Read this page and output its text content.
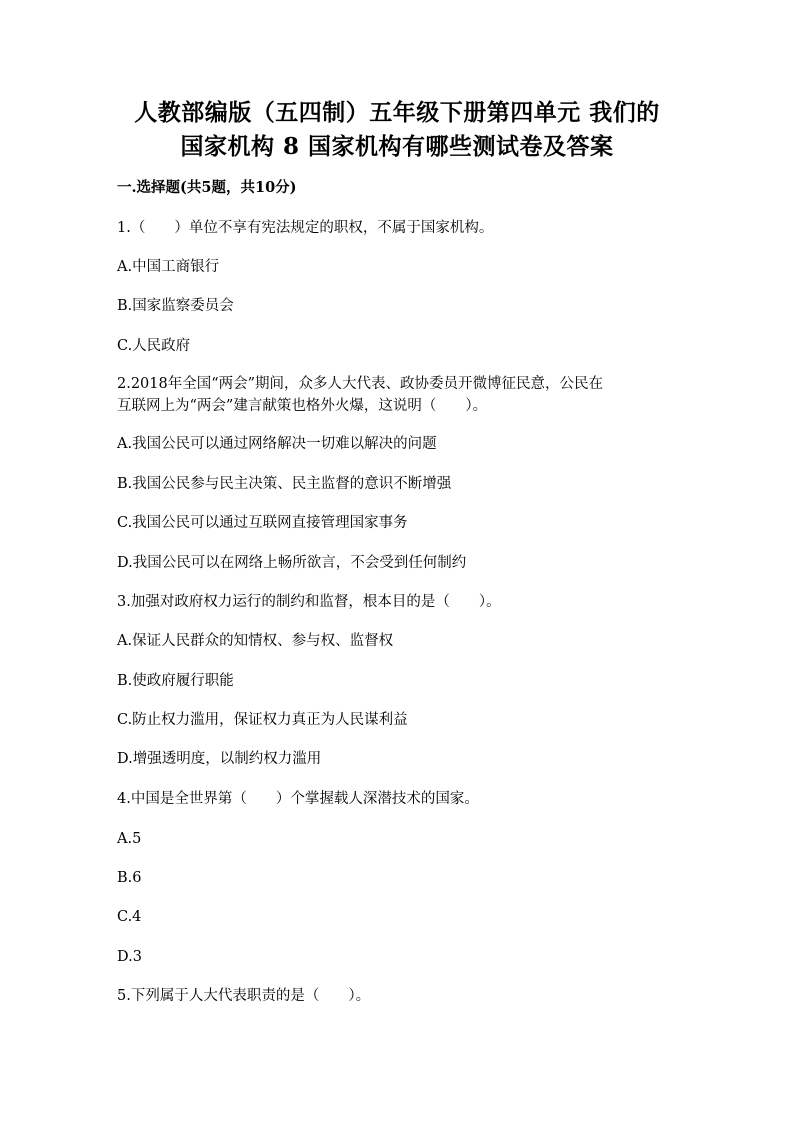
人教部编版（五四制）五年级下册第四单元 我们的
国家机构 8 国家机构有哪些测试卷及答案
一.选择题(共5题，共10分)
1.（　　）单位不享有宪法规定的职权，不属于国家机构。
A.中国工商银行
B.国家监察委员会
C.人民政府
2.2018年全国“两会”期间，众多人大代表、政协委员开微博征民意，公民在
互联网上为“两会”建言献策也格外火爆，这说明（　　）。
A.我国公民可以通过网络解决一切难以解决的问题
B.我国公民参与民主决策、民主监督的意识不断增强
C.我国公民可以通过互联网直接管理国家事务
D.我国公民可以在网络上畅所欲言，不会受到任何制约
3.加强对政府权力运行的制约和监督，根本目的是（　　）。
A.保证人民群众的知情权、参与权、监督权
B.使政府履行职能
C.防止权力滥用，保证权力真正为人民谋利益
D.增强透明度，以制约权力滥用
4.中国是全世界第（　　）个掌握载人深潜技术的国家。
A.5
B.6
C.4
D.3
5.下列属于人大代表职责的是（　　）。
